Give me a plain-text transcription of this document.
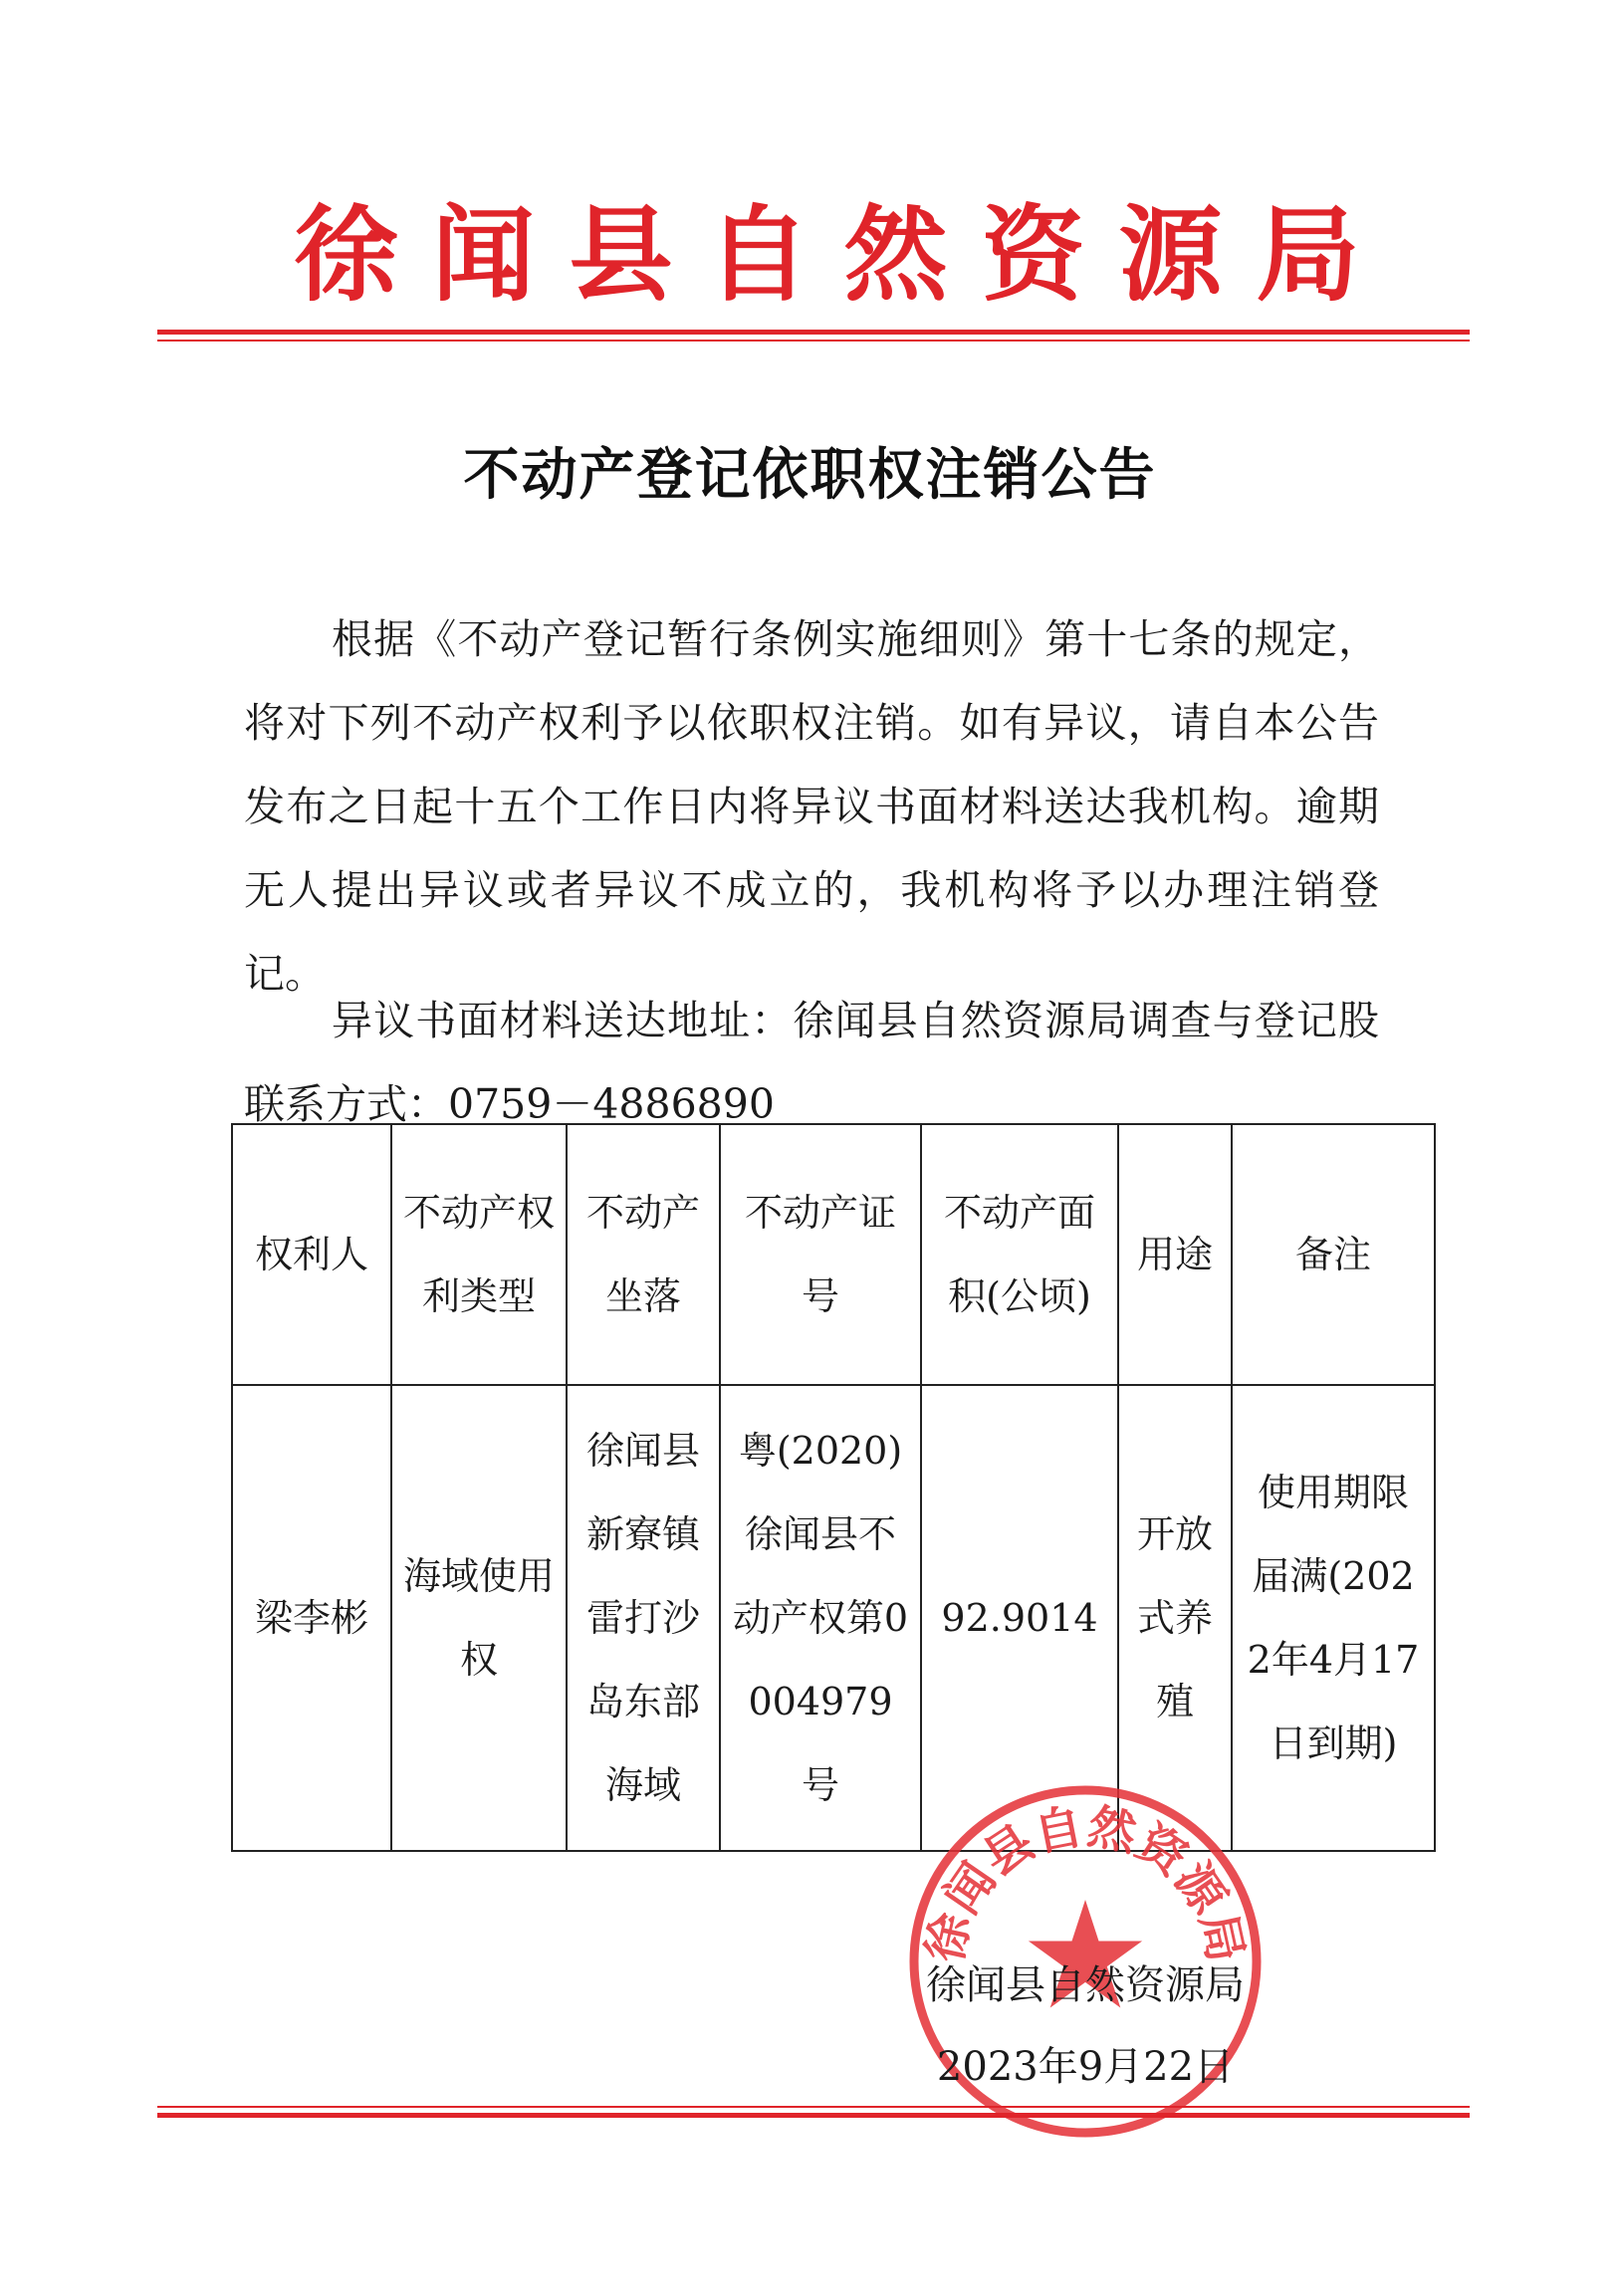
徐闻县自然资源局
不动产登记依职权注销公告

根据《不动产登记暂行条例实施细则》第十七条的规定，将对下列不动产权利予以依职权注销。如有异议，请自本公告发布之日起十五个工作日内将异议书面材料送达我机构。逾期无人提出异议或者异议不成立的，我机构将予以办理注销登记。

异议书面材料送达地址：徐闻县自然资源局调查与登记股联系方式：0759－4886890

权利人	不动产权利类型	不动产坐落	不动产证号	不动产面积(公顷)	用途	备注
梁李彬	海域使用权	徐闻县新寮镇雷打沙岛东部海域	粤(2020)徐闻县不动产权第0004979号	92.9014	开放式养殖	使用期限届满(2022年4月17日到期)
徐闻县自然资源局
徐闻县自然资源局
2023年9月22日
